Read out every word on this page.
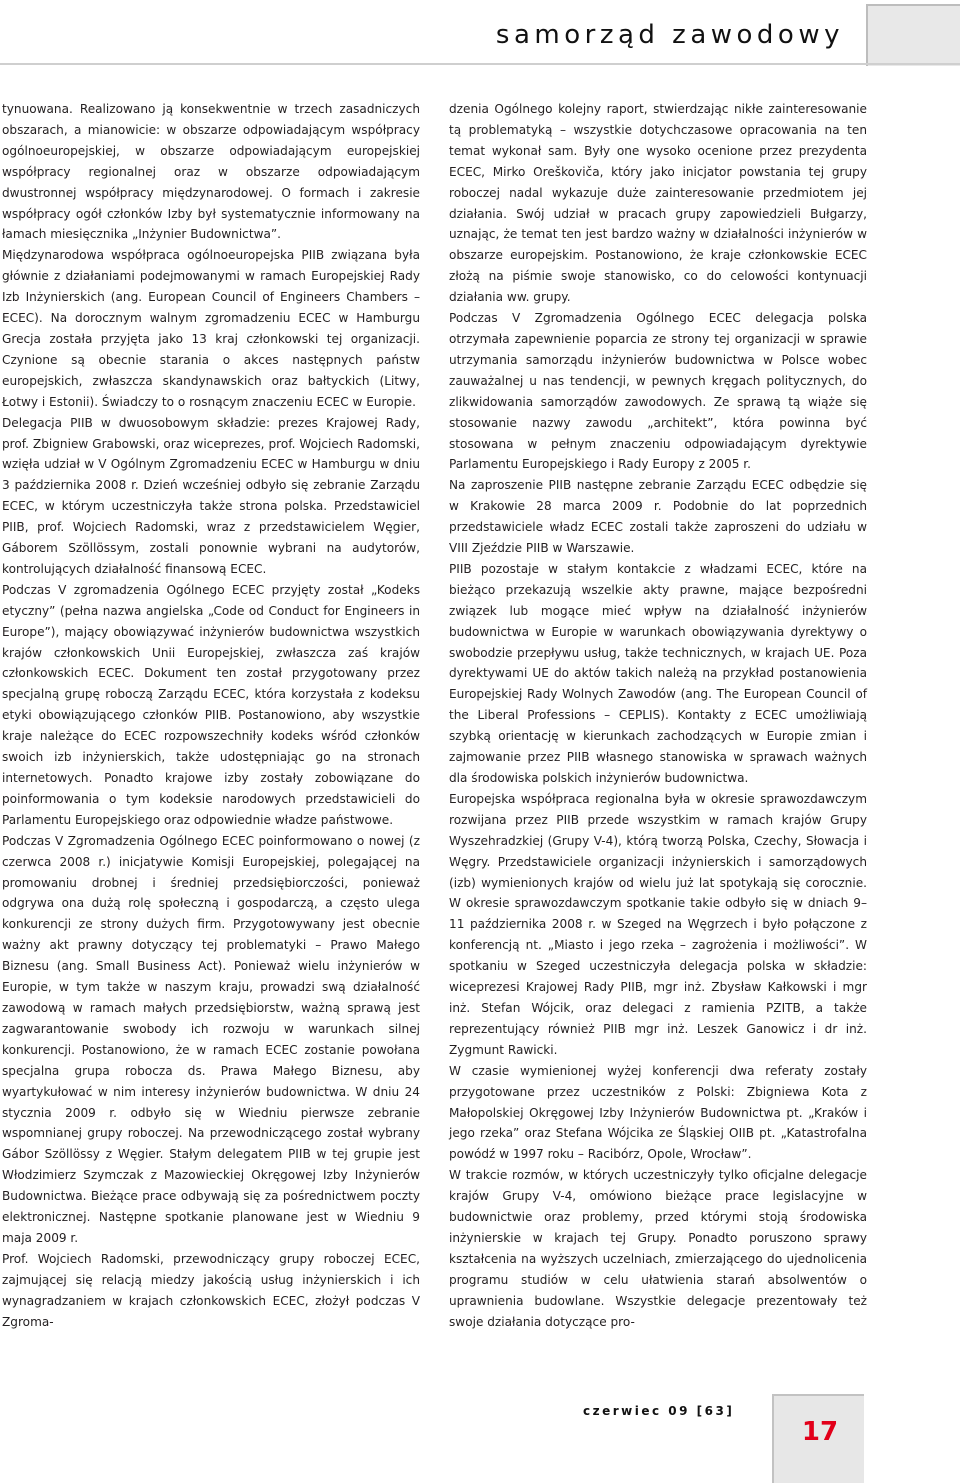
samorząd zawodowy

tynuowana. Realizowano ją konsekwentnie w trzech zasadniczych obszarach, a mianowicie: w obszarze odpowiadającym współpracy ogólnoeuropejskiej, w obszarze odpowiadającym europejskiej współpracy regionalnej oraz w obszarze odpowiadającym dwustronnej współpracy międzynarodowej. O formach i zakresie współpracy ogół członków Izby był systematycznie informowany na łamach miesięcznika „Inżynier Budownictwa”.

Międzynarodowa współpraca ogólnoeuropejska PIIB związana była głównie z działaniami podejmowanymi w ramach Europejskiej Rady Izb Inżynierskich (ang. European Council of Engineers Chambers – ECEC). Na dorocznym walnym zgromadzeniu ECEC w Hamburgu Grecja została przyjęta jako 13 kraj członkowski tej organizacji. Czynione są obecnie starania o akces następnych państw europejskich, zwłaszcza skandynawskich oraz bałtyckich (Litwy, Łotwy i Estonii). Świadczy to o rosnącym znaczeniu ECEC w Europie.

Delegacja PIIB w dwuosobowym składzie: prezes Krajowej Rady, prof. Zbigniew Grabowski, oraz wiceprezes, prof. Wojciech Radomski, wzięła udział w V Ogólnym Zgromadzeniu ECEC w Hamburgu w dniu 3 października 2008 r. Dzień wcześniej odbyło się zebranie Zarządu ECEC, w którym uczestniczyła także strona polska. Przedstawiciel PIIB, prof. Wojciech Radomski, wraz z przedstawicielem Węgier, Gáborem Szöllössym, zostali ponownie wybrani na audytorów, kontrolujących działalność finansową ECEC.

Podczas V zgromadzenia Ogólnego ECEC przyjęty został „Kodeks etyczny” (pełna nazwa angielska „Code od Conduct for Engineers in Europe”), mający obowiązywać inżynierów budownictwa wszystkich krajów członkowskich Unii Europejskiej, zwłaszcza zaś krajów członkowskich ECEC. Dokument ten został przygotowany przez specjalną grupę roboczą Zarządu ECEC, która korzystała z kodeksu etyki obowiązującego członków PIIB. Postanowiono, aby wszystkie kraje należące do ECEC rozpowszechniły kodeks wśród członków swoich izb inżynierskich, także udostępniając go na stronach internetowych. Ponadto krajowe izby zostały zobowiązane do poinformowania o tym kodeksie narodowych przedstawicieli do Parlamentu Europejskiego oraz odpowiednie władze państwowe.

Podczas V Zgromadzenia Ogólnego ECEC poinformowano o nowej (z czerwca 2008 r.) inicjatywie Komisji Europejskiej, polegającej na promowaniu drobnej i średniej przedsiębiorczości, ponieważ odgrywa ona dużą rolę społeczną i gospodarczą, a często ulega konkurencji ze strony dużych firm. Przygotowywany jest obecnie ważny akt prawny dotyczący tej problematyki – Prawo Małego Biznesu (ang. Small Business Act). Ponieważ wielu inżynierów w Europie, w tym także w naszym kraju, prowadzi swą działalność zawodową w ramach małych przedsiębiorstw, ważną sprawą jest zagwarantowanie swobody ich rozwoju w warunkach silnej konkurencji. Postanowiono, że w ramach ECEC zostanie powołana specjalna grupa robocza ds. Prawa Małego Biznesu, aby wyartykułować w nim interesy inżynierów budownictwa. W dniu 24 stycznia 2009 r. odbyło się w Wiedniu pierwsze zebranie wspomnianej grupy roboczej. Na przewodniczącego został wybrany Gábor Szöllössy z Węgier. Stałym delegatem PIIB w tej grupie jest Włodzimierz Szymczak z Mazowieckiej Okręgowej Izby Inżynierów Budownictwa. Bieżące prace odbywają się za pośrednictwem poczty elektronicznej. Następne spotkanie planowane jest w Wiedniu 9 maja 2009 r.

Prof. Wojciech Radomski, przewodniczący grupy roboczej ECEC, zajmującej się relacją miedzy jakością usług inżynierskich i ich wynagradzaniem w krajach członkowskich ECEC, złożył podczas V Zgroma-

dzenia Ogólnego kolejny raport, stwierdzając nikłe zainteresowanie tą problematyką – wszystkie dotychczasowe opracowania na ten temat wykonał sam. Były one wysoko ocenione przez prezydenta ECEC, Mirko Oreškoviča, który jako inicjator powstania tej grupy roboczej nadal wykazuje duże zainteresowanie przedmiotem jej działania. Swój udział w pracach grupy zapowiedzieli Bułgarzy, uznając, że temat ten jest bardzo ważny w działalności inżynierów w obszarze europejskim. Postanowiono, że kraje członkowskie ECEC złożą na piśmie swoje stanowisko, co do celowości kontynuacji działania ww. grupy.

Podczas V Zgromadzenia Ogólnego ECEC delegacja polska otrzymała zapewnienie poparcia ze strony tej organizacji w sprawie utrzymania samorządu inżynierów budownictwa w Polsce wobec zauważalnej u nas tendencji, w pewnych kręgach politycznych, do zlikwidowania samorządów zawodowych. Ze sprawą tą wiąże się stosowanie nazwy zawodu „architekt”, która powinna być stosowana w pełnym znaczeniu odpowiadającym dyrektywie Parlamentu Europejskiego i Rady Europy z 2005 r.

Na zaproszenie PIIB następne zebranie Zarządu ECEC odbędzie się w Krakowie 28 marca 2009 r. Podobnie do lat poprzednich przedstawiciele władz ECEC zostali także zaproszeni do udziału w VIII Zjeździe PIIB w Warszawie.

PIIB pozostaje w stałym kontakcie z władzami ECEC, które na bieżąco przekazują wszelkie akty prawne, mające bezpośredni związek lub mogące mieć wpływ na działalność inżynierów budownictwa w Europie w warunkach obowiązywania dyrektywy o swobodzie przepływu usług, także technicznych, w krajach UE. Poza dyrektywami UE do aktów takich należą na przykład postanowienia Europejskiej Rady Wolnych Zawodów (ang. The European Council of the Liberal Professions – CEPLIS). Kontakty z ECEC umożliwiają szybką orientację w kierunkach zachodzących w Europie zmian i zajmowanie przez PIIB własnego stanowiska w sprawach ważnych dla środowiska polskich inżynierów budownictwa.

Europejska współpraca regionalna była w okresie sprawozdawczym rozwijana przez PIIB przede wszystkim w ramach krajów Grupy Wyszehradzkiej (Grupy V-4), którą tworzą Polska, Czechy, Słowacja i Węgry. Przedstawiciele organizacji inżynierskich i samorządowych (izb) wymienionych krajów od wielu już lat spotykają się corocznie. W okresie sprawozdawczym spotkanie takie odbyło się w dniach 9–11 października 2008 r. w Szeged na Węgrzech i było połączone z konferencją nt. „Miasto i jego rzeka – zagrożenia i możliwości”. W spotkaniu w Szeged uczestniczyła delegacja polska w składzie: wiceprezesi Krajowej Rady PIIB, mgr inż. Zbysław Kałkowski i mgr inż. Stefan Wójcik, oraz delegaci z ramienia PZITB, a także reprezentujący również PIIB mgr inż. Leszek Ganowicz i dr inż. Zygmunt Rawicki.

W czasie wymienionej wyżej konferencji dwa referaty zostały przygotowane przez uczestników z Polski: Zbigniewa Kota z Małopolskiej Okręgowej Izby Inżynierów Budownictwa pt. „Kraków i jego rzeka” oraz Stefana Wójcika ze Śląskiej OIIB pt. „Katastrofalna powódź w 1997 roku – Racibórz, Opole, Wrocław”.

W trakcie rozmów, w których uczestniczyły tylko oficjalne delegacje krajów Grupy V-4, omówiono bieżące prace legislacyjne w budownictwie oraz problemy, przed którymi stoją środowiska inżynierskie w krajach tej Grupy. Ponadto poruszono sprawy kształcenia na wyższych uczelniach, zmierzającego do ujednolicenia programu studiów w celu ułatwienia starań absolwentów o uprawnienia budowlane. Wszystkie delegacje prezentowały też swoje działania dotyczące pro-

czerwiec 09 [63]
17
